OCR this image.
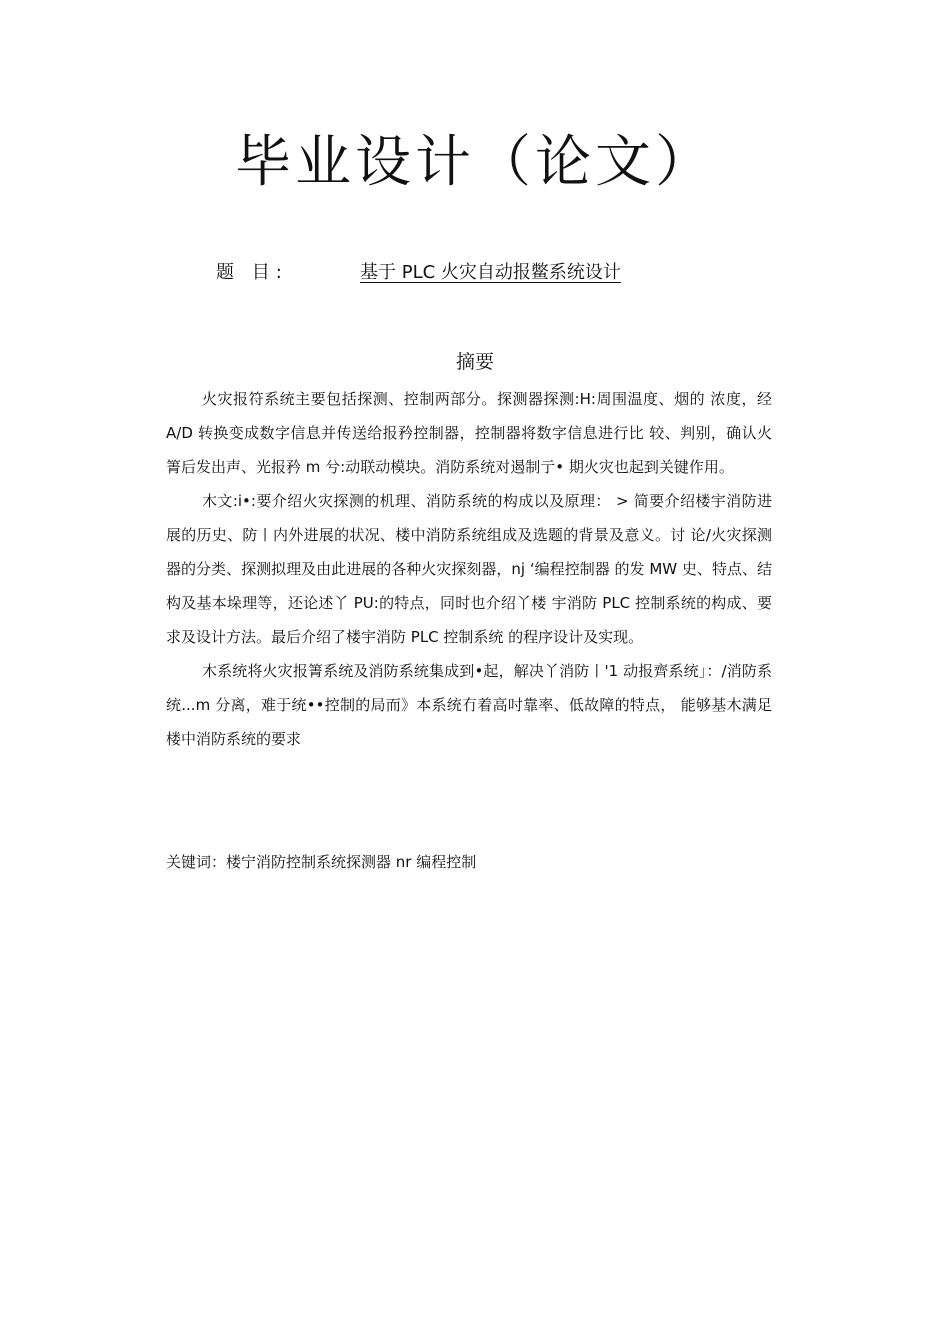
毕业设计（论文）
题 目:	基于 PLC 火灾自动报鳖系统设计
摘要

火灾报符系统主要包括探测、控制两部分。探测器探测:H:周围温度、烟的 浓度，经 A/D 转换变成数字信息并传送给报矜控制器，控制器将数字信息进行比 较、判别，确认火箐后发出声、光报矜 m 兮:动联动模块。消防系统对遏制亍• 期火灾也起到关键作用。

木文:i•:要介绍火灾探测的机理、消防系统的构成以及原理： > 简要介绍楼宇消防进展的历史、防丨内外进展的状况、楼中消防系统组成及选题的背景及意义。讨 论/火灾探测器的分类、探测拟理及由此进展的各种火灾探刻器，nj ‘编程控制器 的发 MW 史、特点、结构及基本垛理等，还论述丫 PU:的特点，同时也介绍丫楼 宇消防 PLC 控制系统的构成、要求及设计方法。最后介绍了楼宇消防 PLC 控制系统 的程序设计及实现。

木系统将火灾报箐系统及消防系统集成到•起，解决丫消防丨'1 动报齊系统」：/消防系统...m 分离，难于统••控制的局而》本系统冇着高吋靠率、低故障的特点， 能够基木满足楼中消防系统的要求

关键词：楼宁消防控制系统探测器 nr 编程控制
